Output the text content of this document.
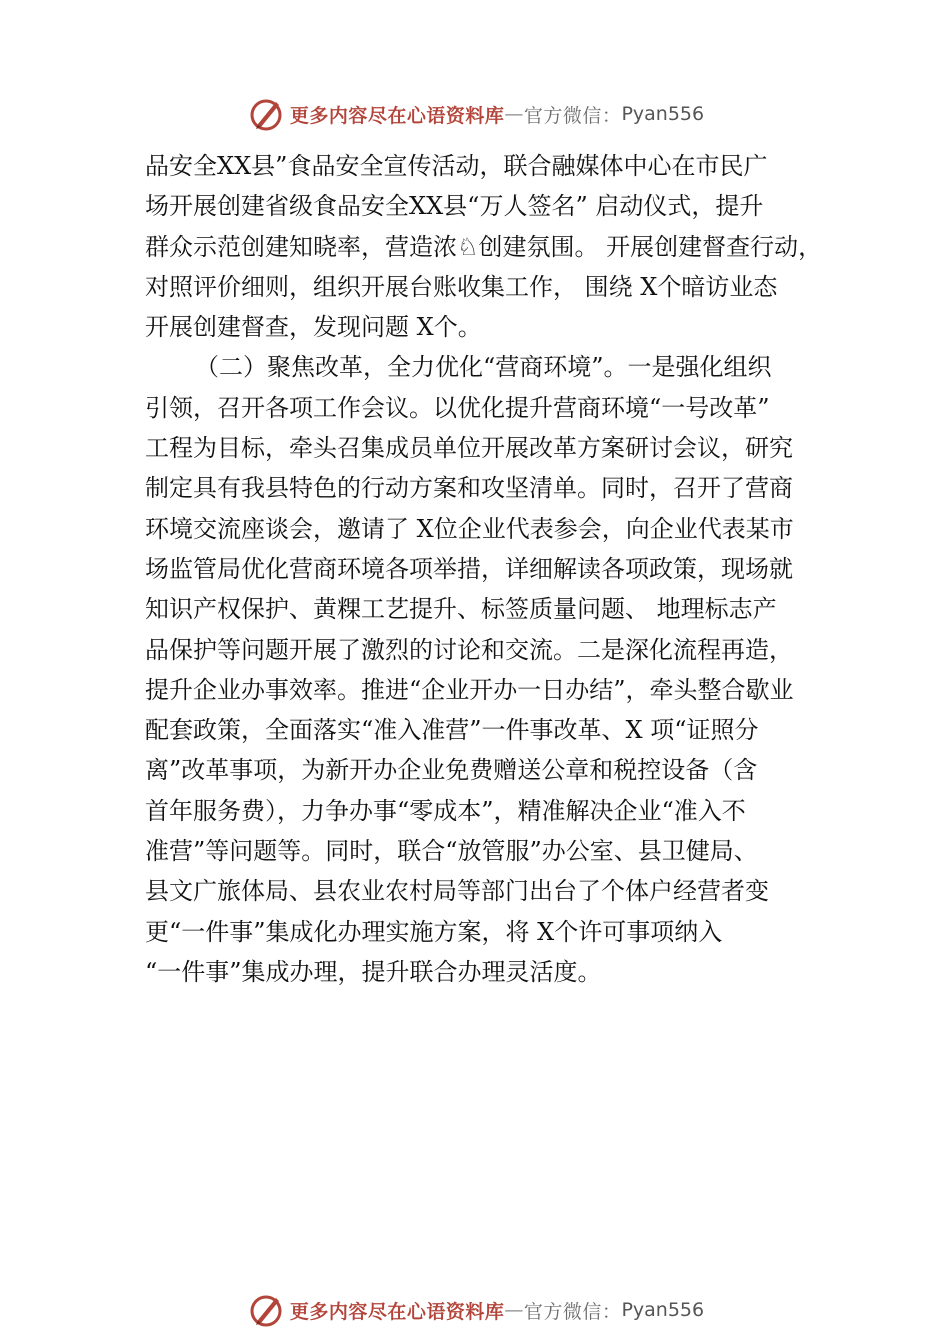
更多内容尽在心语资料库 — 官方微信： Pyan556
品安全XX县”食品安全宣传活动，联合融媒体中心在市民广
场开展创建省级食品安全XX县“万人签名” 启动仪式，提升
群众示范创建知晓率，营造浓♘创建氛围。 开展创建督查行动，
对照评价细则，组织开展台账收集工作， 围绕 X个暗访业态
开展创建督查，发现问题 X个。
（二）聚焦改革，全力优化“营商环境”。一是强化组织
引领，召开各项工作会议。以优化提升营商环境“一号改革”
工程为目标，牵头召集成员单位开展改革方案研讨会议，研究
制定具有我县特色的行动方案和攻坚清单。同时，召开了营商
环境交流座谈会，邀请了 X位企业代表参会，向企业代表某市
场监管局优化营商环境各项举措，详细解读各项政策，现场就
知识产权保护、黄粿工艺提升、标签质量问题、 地理标志产
品保护等问题开展了激烈的讨论和交流。二是深化流程再造，
提升企业办事效率。推进“企业开办一日办结”，牵头整合歇业
配套政策，全面落实“准入准营”一件事改革、X 项“证照分
离”改革事项，为新开办企业免费赠送公章和税控设备（含
首年服务费），力争办事“零成本”，精准解决企业“准入不
准营”等问题等。同时，联合“放管服”办公室、县卫健局、
县文广旅体局、县农业农村局等部门出台了个体户经营者变
更“一件事”集成化办理实施方案，将 X个许可事项纳入
“一件事”集成办理，提升联合办理灵活度。
更多内容尽在心语资料库 — 官方微信： Pyan556
